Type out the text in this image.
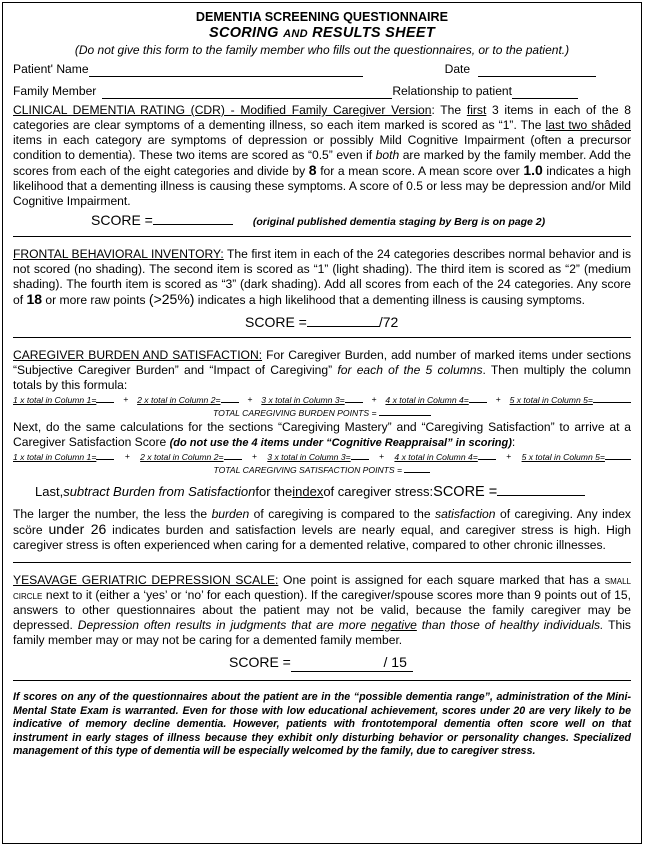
DEMENTIA SCREENING QUESTIONNAIRE
SCORING AND RESULTS SHEET
(Do not give this form to the family member who fills out the questionnaires, or to the patient.)
Patient' Name	Date
Family Member	Relationship to patient
CLINICAL DEMENTIA RATING (CDR) - Modified Family Caregiver Version: The first 3 items in each of the 8 categories are clear symptoms of a dementing illness, so each item marked is scored as “1”. The last two shâded items in each category are symptoms of depression or possibly Mild Cognitive Impairment (often a precursor condition to dementia). These two items are scored as “0.5” even if both are marked by the family member. Add the scores from each of the eight categories and divide by 8 for a mean score. A mean score over 1.0 indicates a high likelihood that a dementing illness is causing these symptoms. A score of 0.5 or less may be depression and/or Mild Cognitive Impairment.
SCORE =	(original published dementia staging by Berg is on page 2)
FRONTAL BEHAVIORAL INVENTORY: The first item in each of the 24 categories describes normal behavior and is not scored (no shading). The second item is scored as “1” (light shading). The third item is scored as “2” (medium shading). The fourth item is scored as “3” (dark shading). Add all scores from each of the 24 categories. Any score of 18 or more raw points (>25%) indicates a high likelihood that a dementing illness is causing symptoms.
SCORE =	/72
CAREGIVER BURDEN AND SATISFACTION: For Caregiver Burden, add number of marked items under sections “Subjective Caregiver Burden” and “Impact of Caregiving” for each of the 5 columns. Then multiply the column totals by this formula:
1 x total in Column 1=	+ 2 x total in Column 2=	+ 3 x total in Column 3=	+ 4 x total in Column 4=	+ 5 x total in Column 5=
TOTAL CAREGIVING BURDEN POINTS =
Next, do the same calculations for the sections “Caregiving Mastery” and “Caregiving Satisfaction” to arrive at a Caregiver Satisfaction Score (do not use the 4 items under “Cognitive Reappraisal” in scoring):
1 x total in Column 1=	+ 2 x total in Column 2=	+ 3 x total in Column 3=	+ 4 x total in Column 4=	+ 5 x total in Column 5=
TOTAL CAREGIVING SATISFACTION POINTS =
Last, subtract Burden from Satisfaction for the index of caregiver stress: SCORE =
The larger the number, the less the burden of caregiving is compared to the satisfaction of caregiving. Any index scöre under 26 indicates burden and satisfaction levels are nearly equal, and caregiver stress is high. High caregiver stress is often experienced when caring for a demented relative, compared to other chronic illnesses.
YESAVAGE GERIATRIC DEPRESSION SCALE: One point is assigned for each square marked that has a small circle next to it (either a ‘yes’ or ‘no’ for each question). If the caregiver/spouse scores more than 9 points out of 15, answers to other questionnaires about the patient may not be valid, because the family caregiver may be depressed. Depression often results in judgments that are more negative than those of healthy individuals. This family member may or may not be caring for a demented family member.
SCORE =	/ 15
If scores on any of the questionnaires about the patient are in the “possible dementia range”, administration of the Mini-Mental State Exam is warranted. Even for those with low educational achievement, scores under 20 are very likely to be indicative of memory decline dementia. However, patients with frontotemporal dementia often score well on that instrument in early stages of illness because they exhibit only disturbing behavior or personality changes. Specialized management of this type of dementia will be especially welcomed by the family, due to caregiver stress.
